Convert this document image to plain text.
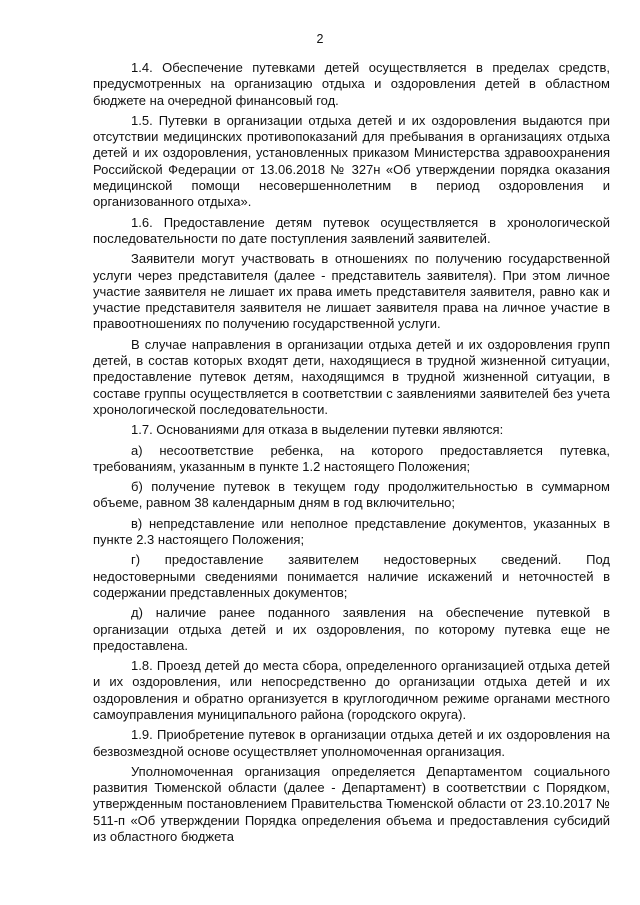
2

1.4. Обеспечение путевками детей осуществляется в пределах средств, предусмотренных на организацию отдыха и оздоровления детей в областном бюджете на очередной финансовый год.

1.5. Путевки в организации отдыха детей и их оздоровления выдаются при отсутствии медицинских противопоказаний для пребывания в организациях отдыха детей и их оздоровления, установленных приказом Министерства здравоохранения Российской Федерации от 13.06.2018 № 327н «Об утверждении порядка оказания медицинской помощи несовершеннолетним в период оздоровления и организованного отдыха».

1.6. Предоставление детям путевок осуществляется в хронологической последовательности по дате поступления заявлений заявителей.

Заявители могут участвовать в отношениях по получению государственной услуги через представителя (далее - представитель заявителя). При этом личное участие заявителя не лишает их права иметь представителя заявителя, равно как и участие представителя заявителя не лишает заявителя права на личное участие в правоотношениях по получению государственной услуги.

В случае направления в организации отдыха детей и их оздоровления групп детей, в состав которых входят дети, находящиеся в трудной жизненной ситуации, предоставление путевок детям, находящимся в трудной жизненной ситуации, в составе группы осуществляется в соответствии с заявлениями заявителей без учета хронологической последовательности.

1.7. Основаниями для отказа в выделении путевки являются:

а) несоответствие ребенка, на которого предоставляется путевка, требованиям, указанным в пункте 1.2 настоящего Положения;

б) получение путевок в текущем году продолжительностью в суммарном объеме, равном 38 календарным дням в год включительно;

в) непредставление или неполное представление документов, указанных в пункте 2.3 настоящего Положения;

г) предоставление заявителем недостоверных сведений. Под недостоверными сведениями понимается наличие искажений и неточностей в содержании представленных документов;

д) наличие ранее поданного заявления на обеспечение путевкой в организации отдыха детей и их оздоровления, по которому путевка еще не предоставлена.

1.8. Проезд детей до места сбора, определенного организацией отдыха детей и их оздоровления, или непосредственно до организации отдыха детей и их оздоровления и обратно организуется в круглогодичном режиме органами местного самоуправления муниципального района (городского округа).

1.9. Приобретение путевок в организации отдыха детей и их оздоровления на безвозмездной основе осуществляет уполномоченная организация.

Уполномоченная организация определяется Департаментом социального развития Тюменской области (далее - Департамент) в соответствии с Порядком, утвержденным постановлением Правительства Тюменской области от 23.10.2017 № 511-п «Об утверждении Порядка определения объема и предоставления субсидий из областного бюджета
